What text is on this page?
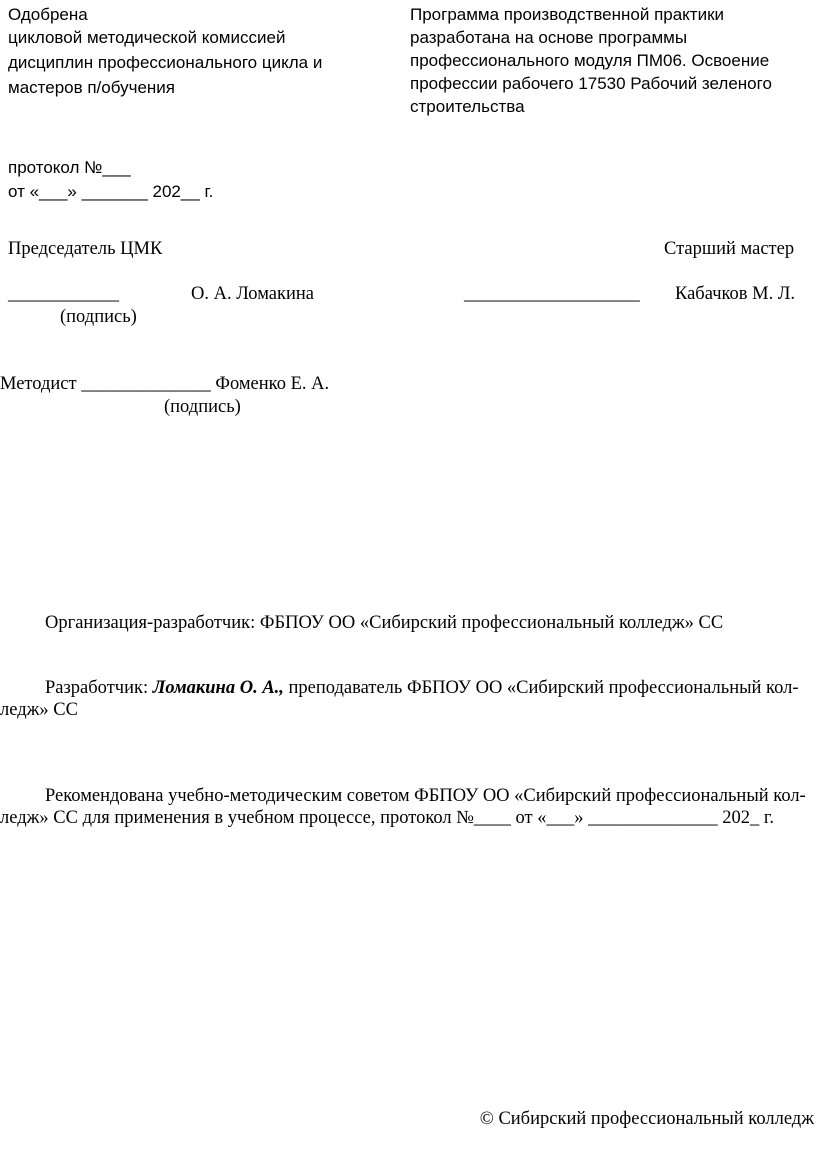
Одобрена
цикловой методической комиссией
дисциплин профессионального цикла и
мастеров п/обучения
Программа производственной практики
разработана на основе программы
профессионального модуля ПМ06. Освоение
профессии рабочего 17530 Рабочий зеленого
строительства
протокол №___
от «___» _______ 202__ г.
Председатель ЦМК	Старший мастер
____________	О. А. Ломакина	___________________ Кабачков М. Л.
(подпись)
Методист ______________ Фоменко Е. А.
(подпись)
Организация-разработчик: ФБПОУ ОО «Сибирский профессиональный колледж» СС
Разработчик: Ломакина О. А., преподаватель ФБПОУ ОО «Сибирский профессиональный кол-
ледж» СС
Рекомендована учебно-методическим советом ФБПОУ ОО «Сибирский профессиональный кол-
ледж» СС для применения в учебном процессе, протокол №____ от «___» ______________ 202_ г.
© Сибирский профессиональный колледж
